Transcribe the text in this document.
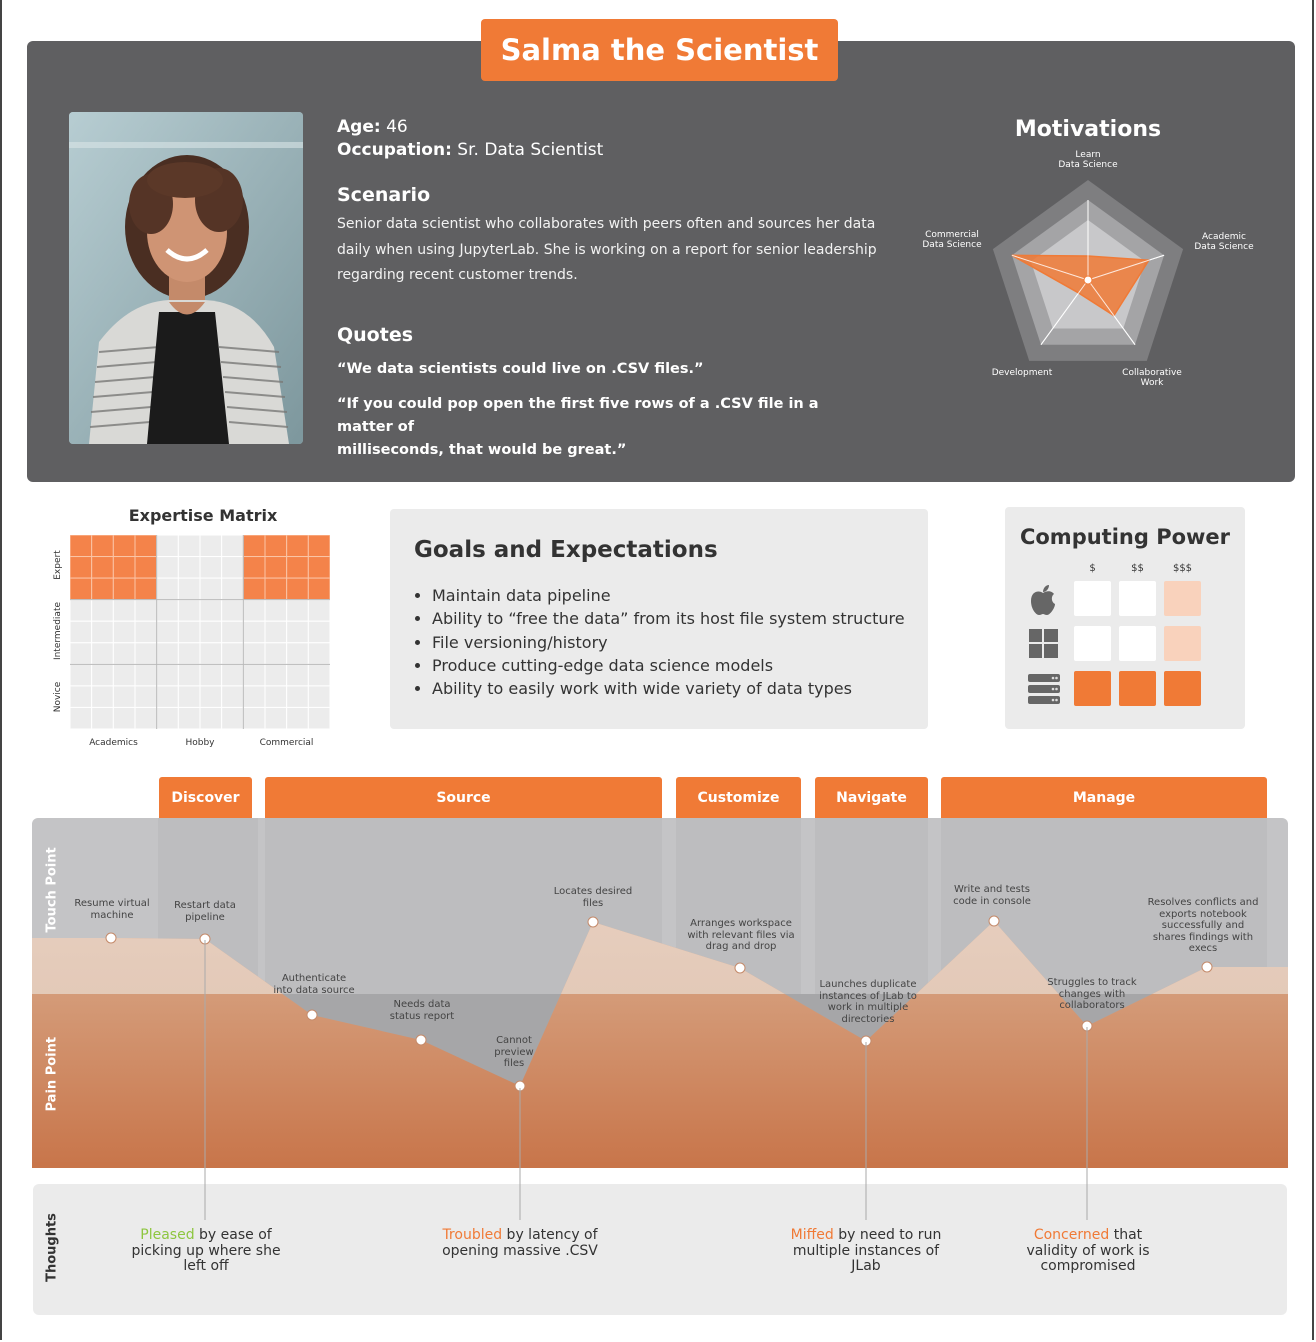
Salma the Scientist
Age: 46
Occupation: Sr. Data Scientist
Scenario
Senior data scientist who collaborates with peers often and sources her data
daily when using JupyterLab. She is working on a report for senior leadership
regarding recent customer trends.
Quotes
“We data scientists could live on .CSV files.”
“If you could pop open the first five rows of a .CSV file in a matter of
milliseconds, that would be great.”
Motivations
Learn
Data Science
Academic
Data Science
Collaborative
Work
Development
Commercial
Data Science
Expertise Matrix
Expert
Intermediate
Novice
Academics	Hobby	Commercial
Goals and Expectations
• Maintain data pipeline
• Ability to “free the data” from its host file system structure
• File versioning/history
• Produce cutting-edge data science models
• Ability to easily work with wide variety of data types
Computing Power
$	$$	$$$
Discover	Source	Customize	Navigate	Manage
Touch Point
Pain Point
Resume virtual
machine
Restart data
pipeline
Authenticate
into data source
Needs data
status report
Cannot
preview
files
Locates desired
files
Arranges workspace
with relevant files via
drag and drop
Launches duplicate
instances of JLab to
work in multiple
directories
Write and tests
code in console
Struggles to track
changes with
collaborators
Resolves conflicts and
exports notebook
successfully and
shares findings with
execs
Thoughts	Pleased by ease of
picking up where she
left off
Troubled by latency of
opening massive .CSV
Miffed by need to run
multiple instances of
JLab
Concerned that
validity of work is
compromised
